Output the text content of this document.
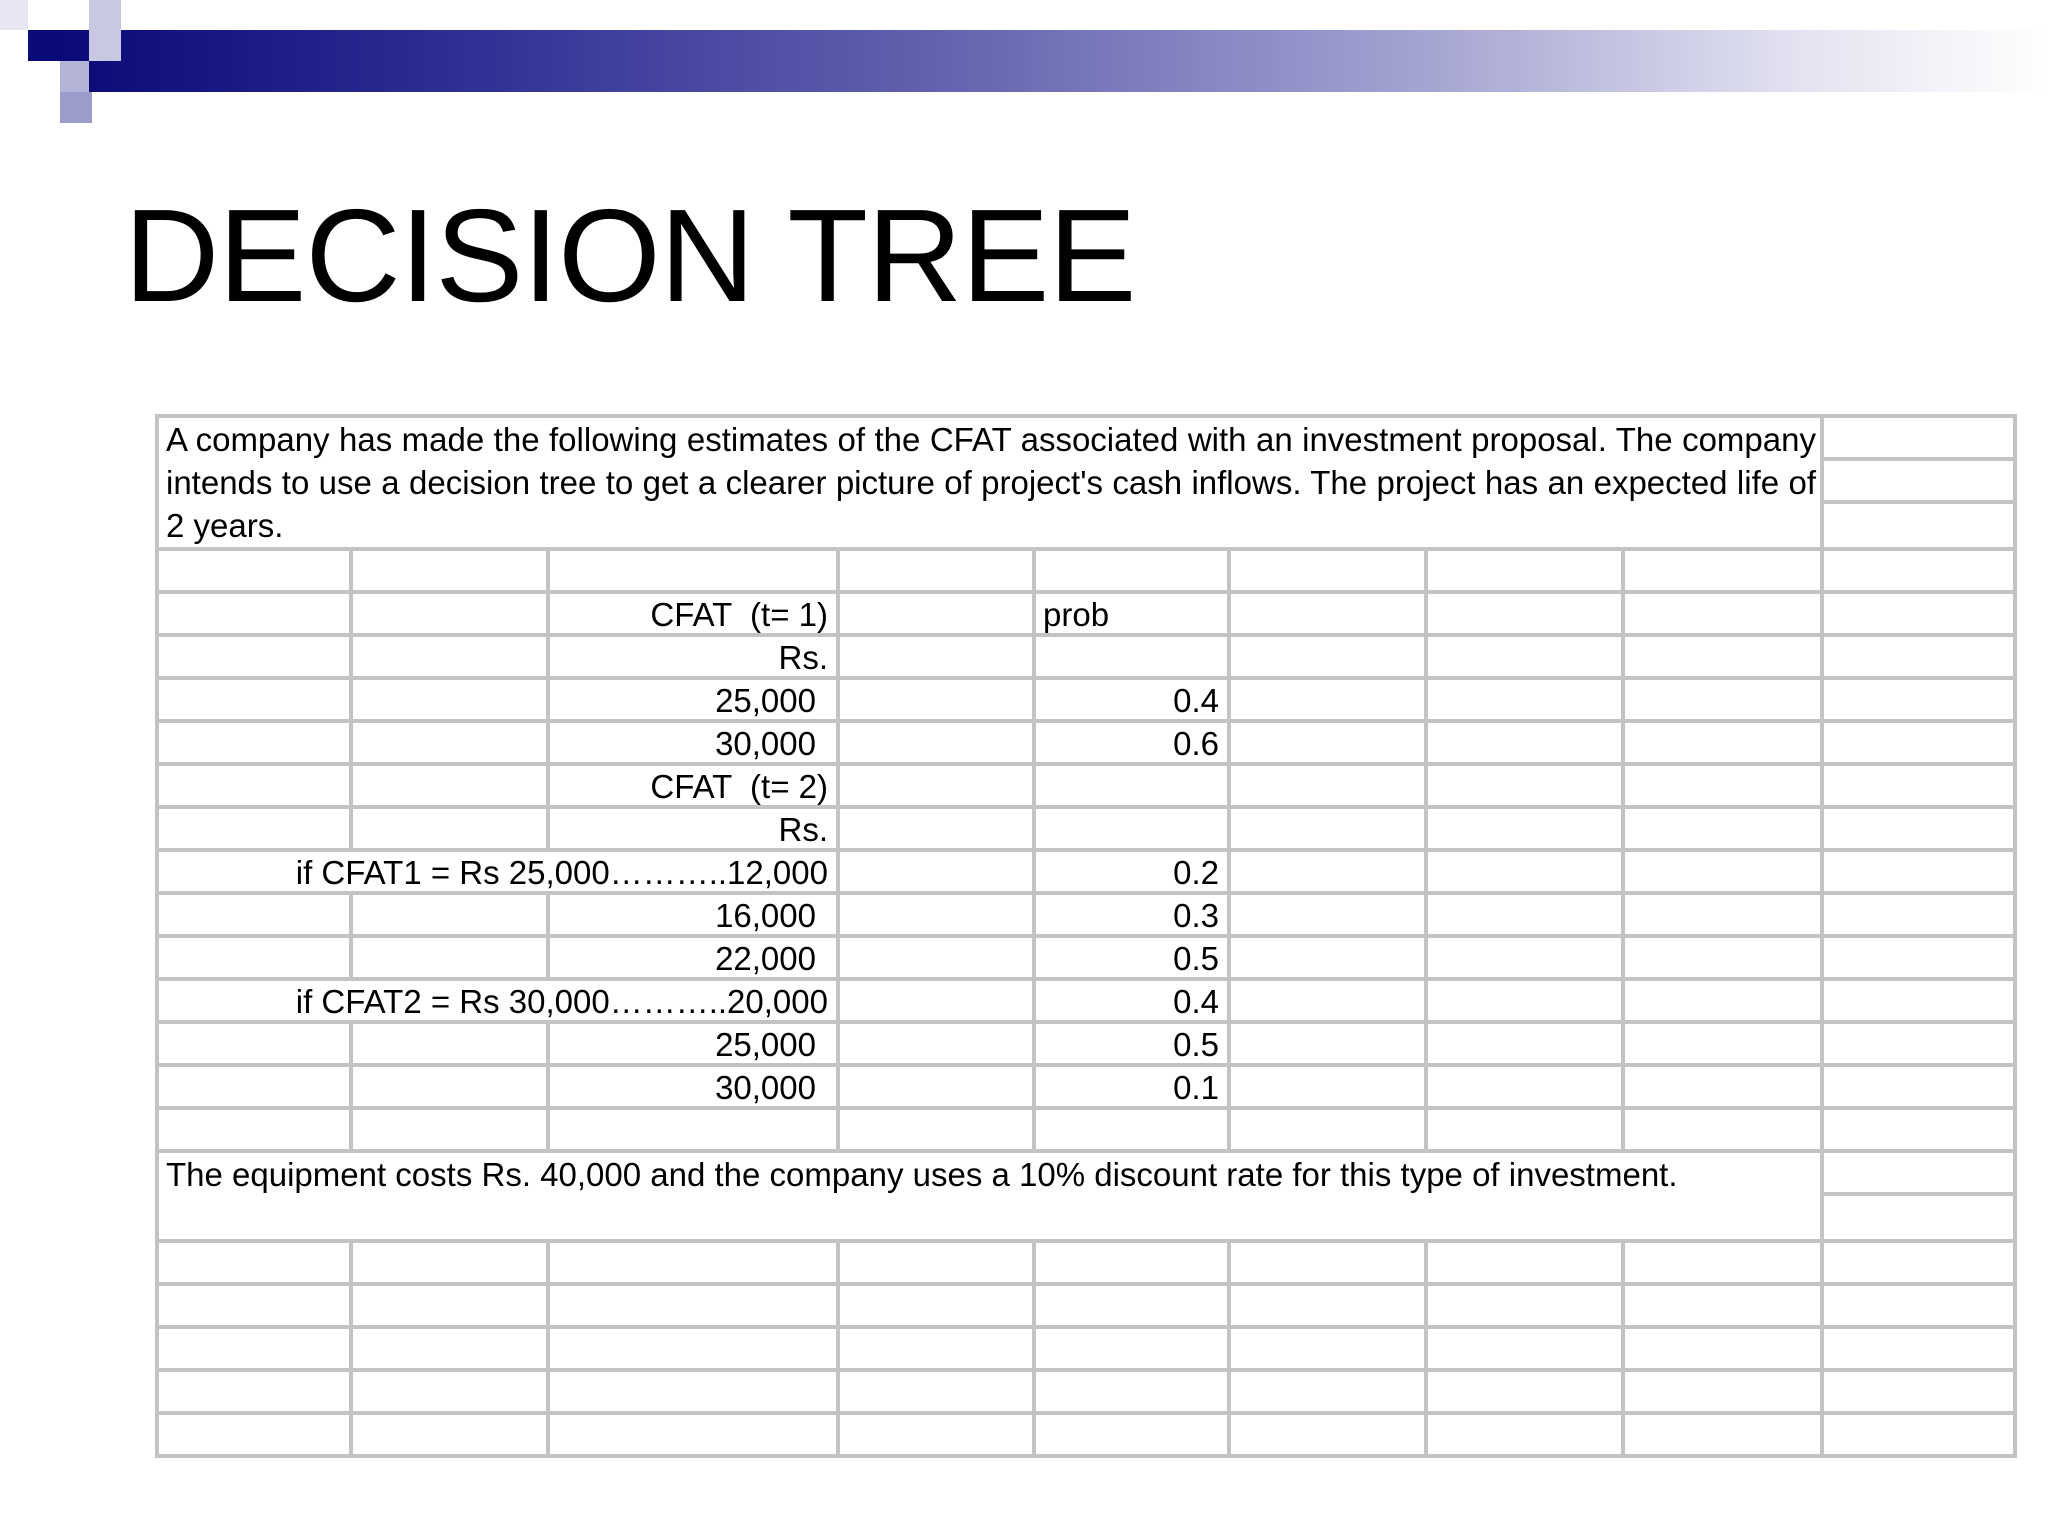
DECISION TREE
A company has made the following estimates of the CFAT associated with an investment proposal. The company intends to use a decision tree to get a clearer picture of project's cash inflows. The project has an expected life of 2 years.
CFAT  (t= 1)	prob
Rs.
25,000	0.4
30,000	0.6
CFAT  (t= 2)
Rs.
if CFAT1 = Rs 25,000………..12,000	0.2
16,000	0.3
22,000	0.5
if CFAT2 = Rs 30,000………..20,000	0.4
25,000	0.5
30,000	0.1
The equipment costs Rs. 40,000 and the company uses a 10% discount rate for this type of investment.
